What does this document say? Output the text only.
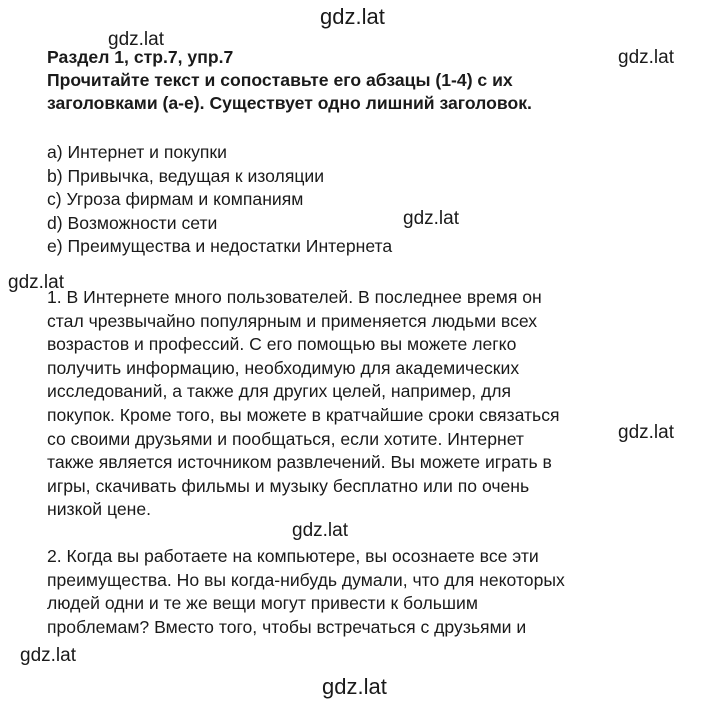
Раздел 1, стр.7, упр.7
Прочитайте текст и сопоставьте его абзацы (1-4) с их
заголовками (a-e). Существует одно лишний заголовок.
a) Интернет и покупки
b) Привычка, ведущая к изоляции
c) Угроза фирмам и компаниям
d) Возможности сети
e) Преимущества и недостатки Интернета
1. В Интернете много пользователей. В последнее время он
стал чрезвычайно популярным и применяется людьми всех
возрастов и профессий. С его помощью вы можете легко
получить информацию, необходимую для академических
исследований, а также для других целей, например, для
покупок. Кроме того, вы можете в кратчайшие сроки связаться
со своими друзьями и пообщаться, если хотите. Интернет
также является источником развлечений. Вы можете играть в
игры, скачивать фильмы и музыку бесплатно или по очень
низкой цене.
2. Когда вы работаете на компьютере, вы осознаете все эти
преимущества. Но вы когда-нибудь думали, что для некоторых
людей одни и те же вещи могут привести к большим
проблемам? Вместо того, чтобы встречаться с друзьями и
gdz.lat
gdz.lat
gdz.lat
gdz.lat
gdz.lat
gdz.lat
gdz.lat
gdz.lat
gdz.lat
